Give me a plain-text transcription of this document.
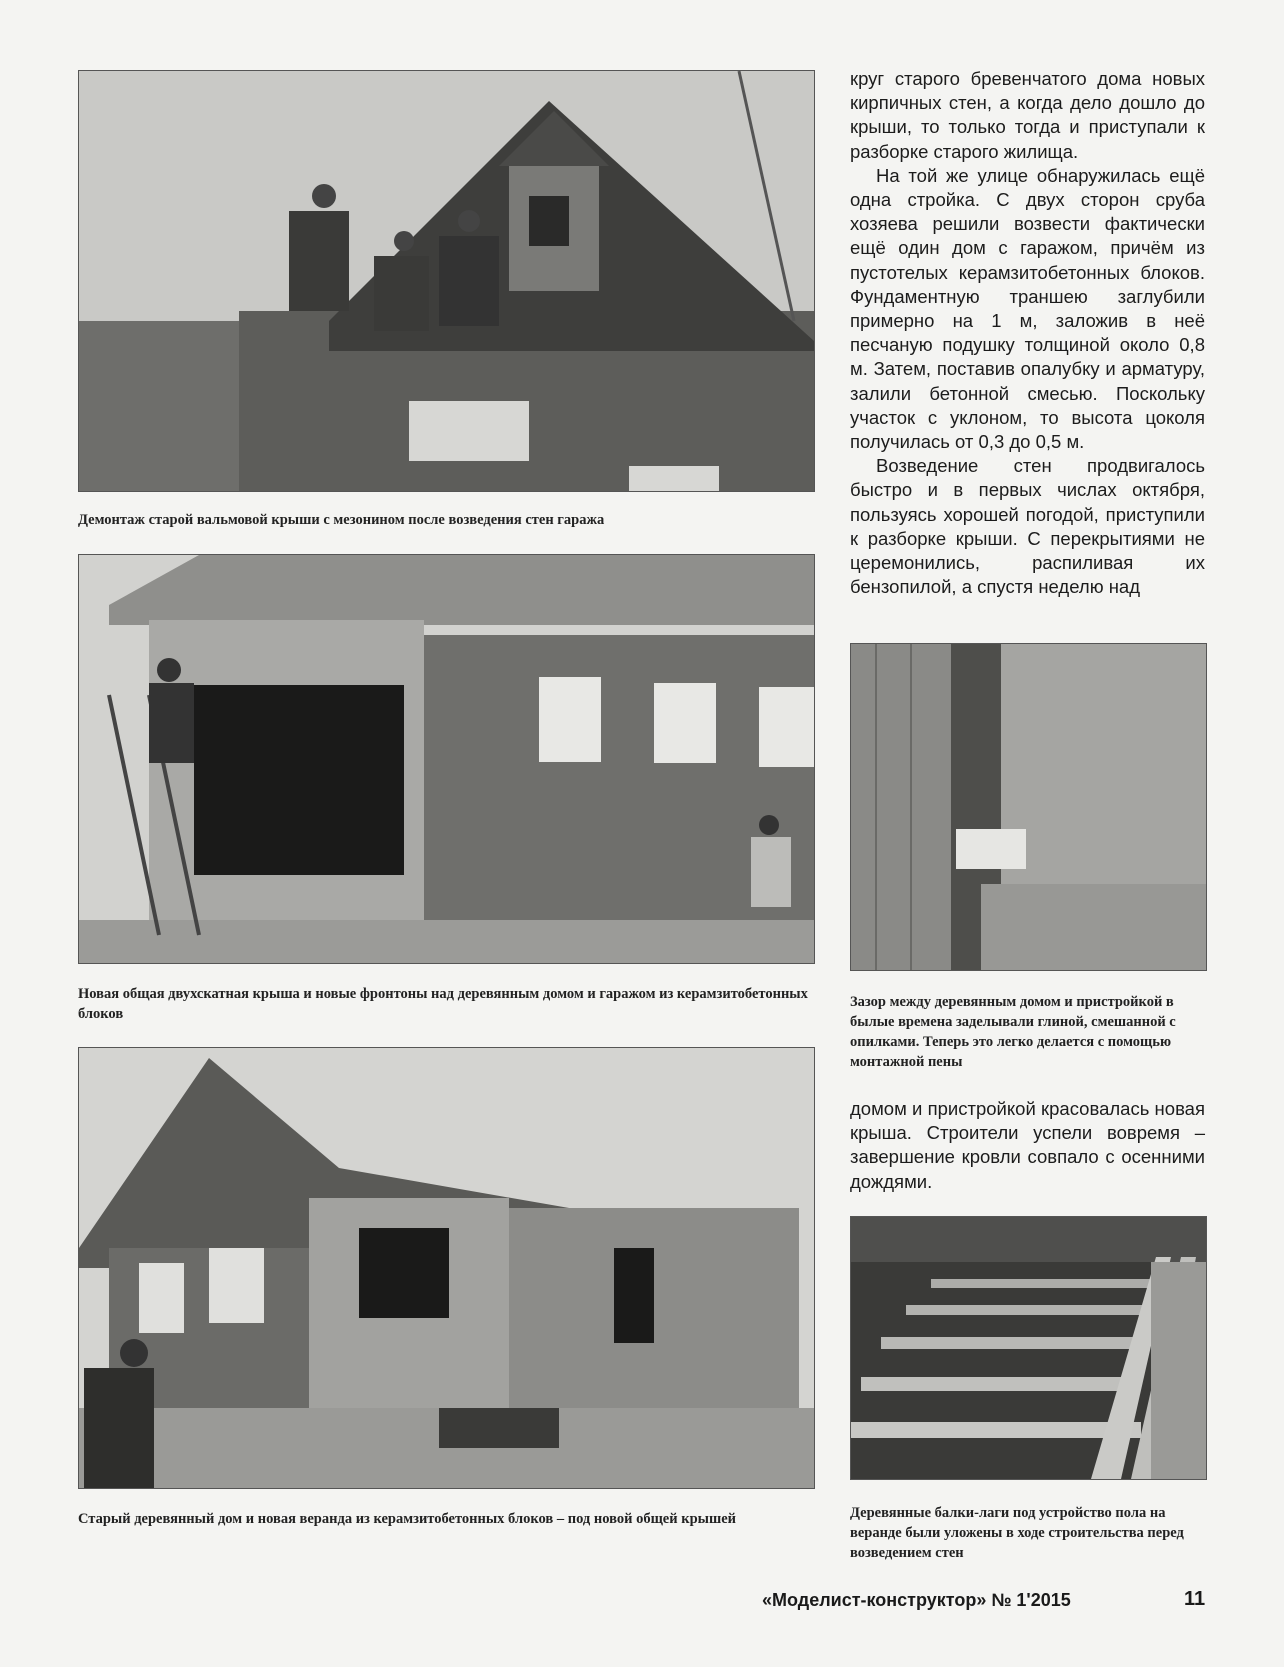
Демонтаж старой вальмовой крыши с мезонином после возведения стен гаража
Новая общая двухскатная крыша и новые фронтоны над деревянным домом и гаражом из керамзитобетонных блоков
Старый деревянный дом и новая веранда из керамзитобетонных блоков – под новой общей крышей

круг старого бревенчатого дома новых кирпичных стен, а когда дело дошло до крыши, то только тогда и приступали к разборке старого жилища.

На той же улице обнаружилась ещё одна стройка. С двух сторон сруба хозяева решили возвести фактически ещё один дом с гаражом, причём из пустотелых керамзитобетонных блоков. Фундаментную траншею заглубили примерно на 1 м, заложив в неё песчаную подушку толщиной около 0,8 м. Затем, поставив опалубку и арматуру, залили бетонной смесью. Поскольку участок с уклоном, то высота цоколя получилась от 0,3 до 0,5 м.

Возведение стен продвигалось быстро и в первых числах октября, пользуясь хорошей погодой, приступили к разборке крыши. С перекрытиями не церемонились, распиливая их бензопилой, а спустя неделю над

Зазор между деревянным домом и пристройкой в былые времена заделывали глиной, смешанной с опилками. Теперь это легко делается с помощью монтажной пены

домом и пристройкой красовалась новая крыша. Строители успели вовремя – завершение кровли совпало с осенними дождями.

Деревянные балки-лаги под устройство пола на веранде были уложены в ходе строительства перед возведением стен
«Моделист-конструктор» № 1'2015	11
